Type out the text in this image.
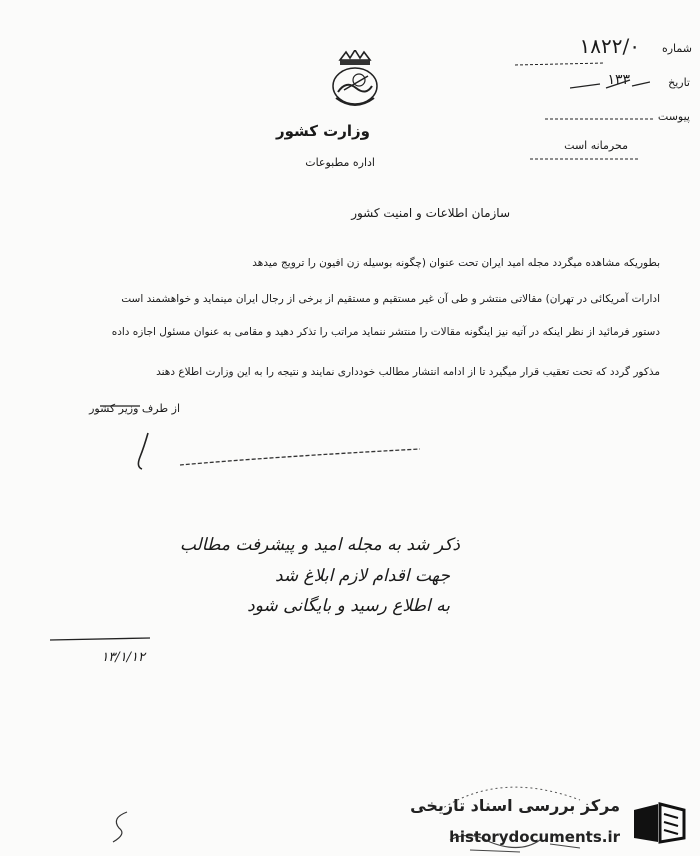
وزارت کشور
اداره مطبوعات
شماره
۱۸۲۲/۰
تاریخ
۱۳۳
پیوست
محرمانه است
سازمان اطلاعات و امنیت کشور
بطوریکه مشاهده میگردد مجله امید ایران تحت عنوان (چگونه بوسیله زن افیون را ترویج میدهد
ادارات آمریکائی در تهران) مقالاتی منتشر و طی آن غیر مستقیم و مستقیم از برخی از رجال ایران مینماید و خواهشمند است
دستور فرمائید از نظر اینکه در آتیه نیز اینگونه مقالات را منتشر ننماید مراتب را تذکر دهید و مقامی به عنوان مسئول اجازه داده
مذکور گردد که تحت تعقیب قرار میگیرد تا از ادامه انتشار مطالب خودداری نمایند و نتیجه را به این وزارت اطلاع دهند
از طرف وزیر کشور
ذکر شد به مجله امید و پیشرفت مطالب
جهت اقدام لازم ابلاغ شد
به اطلاع رسید و بایگانی شود
۱۳/۱/۱۲
مرکز بررسی اسناد تاریخی
historydocuments.ir
